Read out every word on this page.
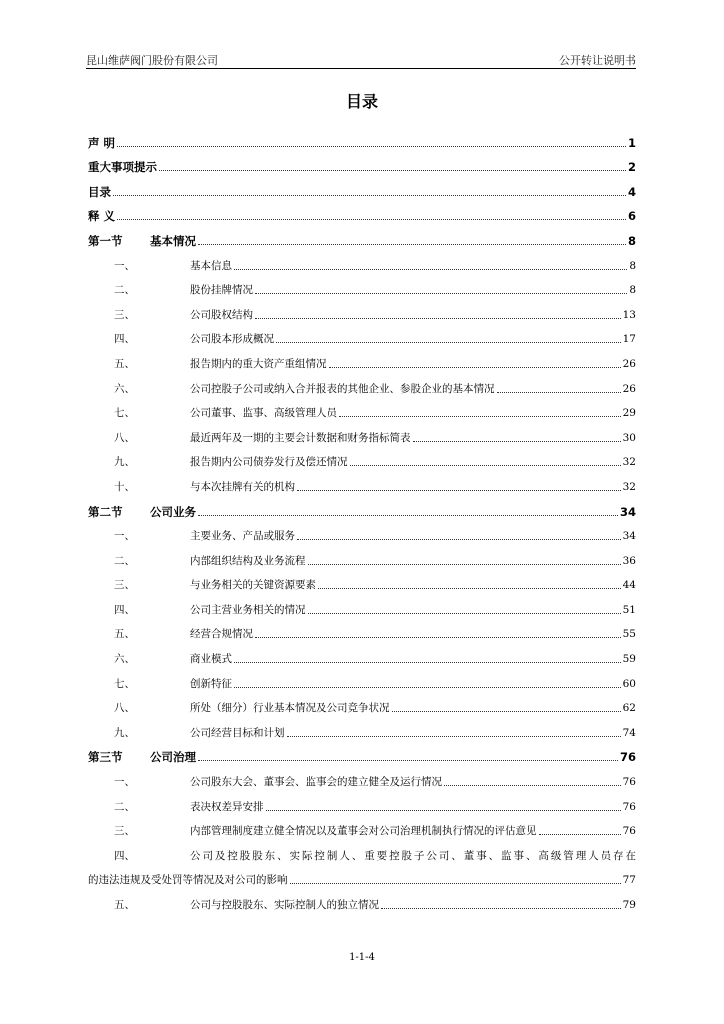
昆山维萨阀门股份有限公司	公开转让说明书
目录
声 明	1
重大事项提示	2
目录	4
释 义	6
第一节	基本情况	8
一、	基本信息	8
二、	股份挂牌情况	8
三、	公司股权结构	13
四、	公司股本形成概况	17
五、	报告期内的重大资产重组情况	26
六、	公司控股子公司或纳入合并报表的其他企业、参股企业的基本情况	26
七、	公司董事、监事、高级管理人员	29
八、	最近两年及一期的主要会计数据和财务指标简表	30
九、	报告期内公司债券发行及偿还情况	32
十、	与本次挂牌有关的机构	32
第二节	公司业务	34
一、	主要业务、产品或服务	34
二、	内部组织结构及业务流程	36
三、	与业务相关的关键资源要素	44
四、	公司主营业务相关的情况	51
五、	经营合规情况	55
六、	商业模式	59
七、	创新特征	60
八、	所处（细分）行业基本情况及公司竞争状况	62
九、	公司经营目标和计划	74
第三节	公司治理	76
一、	公司股东大会、董事会、监事会的建立健全及运行情况	76
二、	表决权差异安排	76
三、	内部管理制度建立健全情况以及董事会对公司治理机制执行情况的评估意见	76
四、	公司及控股股东、实际控制人、重要控股子公司、董事、监事、高级管理人员存在
的违法违规及受处罚等情况及对公司的影响	77
五、	公司与控股股东、实际控制人的独立情况	79
1-1-4
